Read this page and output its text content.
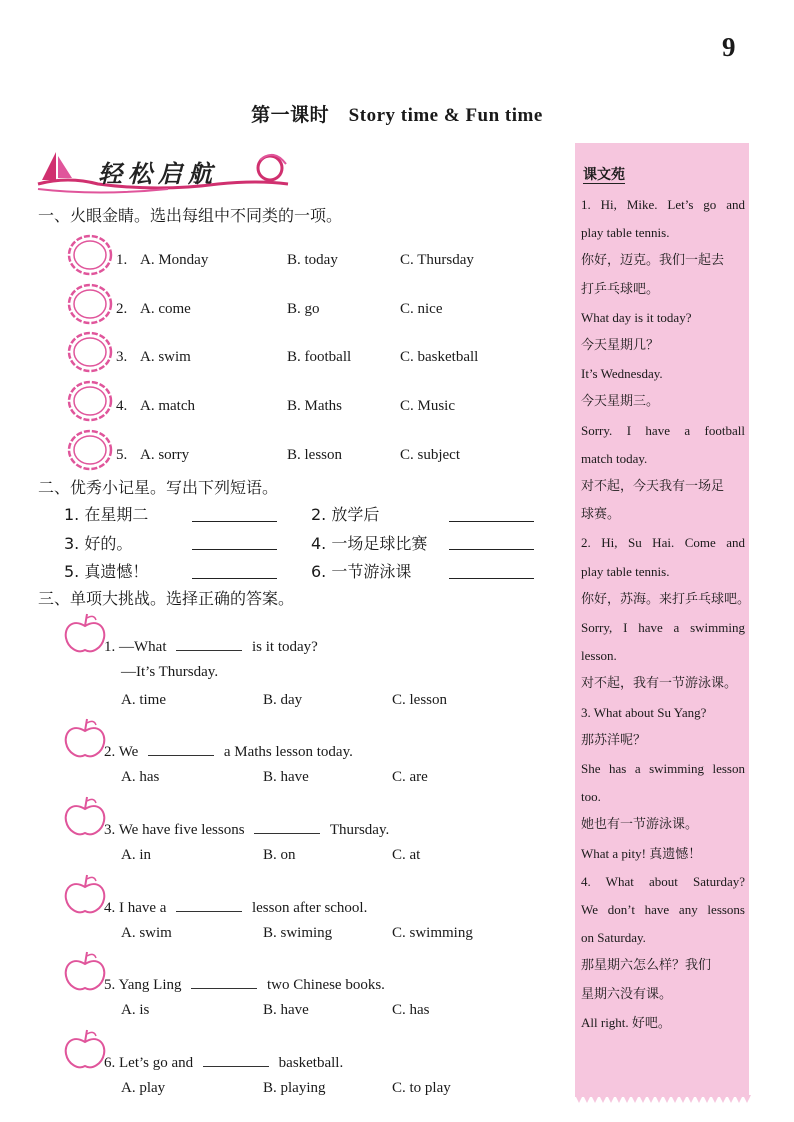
9
第一课时　Story time & Fun time
轻松启航
一、火眼金睛。选出每组中不同类的一项。
1. A. Monday	B. today	C. Thursday
2. A. come	B. go	C. nice
3. A. swim	B. football	C. basketball
4. A. match	B. Maths	C. Music
5. A. sorry	B. lesson	C. subject
二、优秀小记星。写出下列短语。
1. 在星期二	2. 放学后
3. 好的。	4. 一场足球比赛
5. 真遗憾！	6. 一节游泳课
三、单项大挑战。选择正确的答案。
1. —What	is it today?
—It’s Thursday.
A. time	B. day	C. lesson
2. We	a Maths lesson today.
A. has	B. have	C. are
3. We have five lessons	Thursday.
A. in	B. on	C. at
4. I have a	lesson after school.
A. swim	B. swiming	C. swimming
5. Yang Ling	two Chinese books.
A. is	B. have	C. has
6. Let’s go and	basketball.
A. play	B. playing	C. to play
课文苑
1. Hi, Mike. Let’s go and
play table tennis.
你好，迈克。我们一起去
打乒乓球吧。
What day is it today?
今天星期几？
It’s Wednesday.
今天星期三。
Sorry. I have a football
match today.
对不起，今天我有一场足
球赛。
2. Hi, Su Hai. Come and
play table tennis.
你好，苏海。来打乒乓球吧。
Sorry, I have a swimming
lesson.
对不起，我有一节游泳课。
3. What about Su Yang?
那苏洋呢？
She has a swimming lesson
too.
她也有一节游泳课。
What a pity! 真遗憾！
4. What about Saturday?
We don’t have any lessons
on Saturday.
那星期六怎么样？我们
星期六没有课。
All right. 好吧。
